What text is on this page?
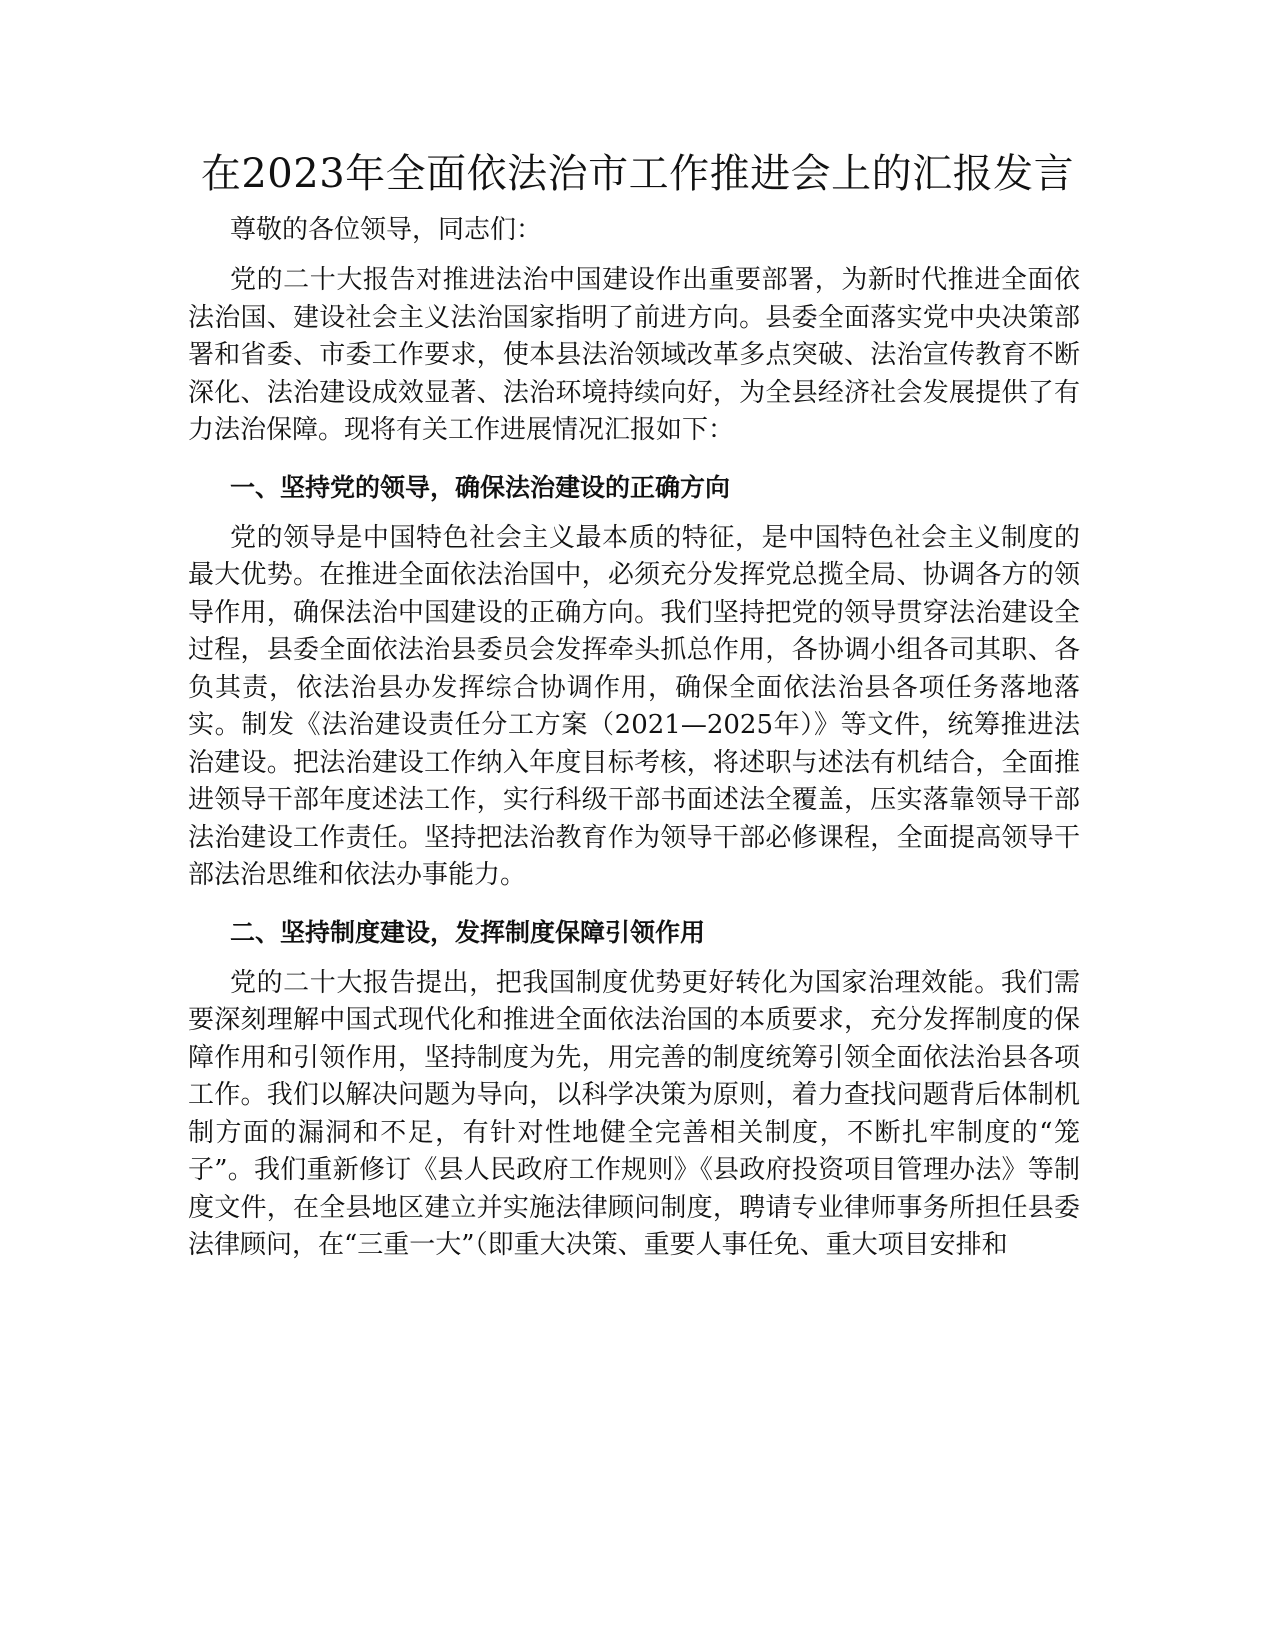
在2023年全面依法治市工作推进会上的汇报发言

尊敬的各位领导，同志们：

党的二十大报告对推进法治中国建设作出重要部署，为新时代推进全面依法治国、建设社会主义法治国家指明了前进方向。县委全面落实党中央决策部署和省委、市委工作要求，使本县法治领域改革多点突破、法治宣传教育不断深化、法治建设成效显著、法治环境持续向好，为全县经济社会发展提供了有力法治保障。现将有关工作进展情况汇报如下：

一、坚持党的领导，确保法治建设的正确方向

党的领导是中国特色社会主义最本质的特征，是中国特色社会主义制度的最大优势。在推进全面依法治国中，必须充分发挥党总揽全局、协调各方的领导作用，确保法治中国建设的正确方向。我们坚持把党的领导贯穿法治建设全过程，县委全面依法治县委员会发挥牵头抓总作用，各协调小组各司其职、各负其责，依法治县办发挥综合协调作用，确保全面依法治县各项任务落地落实。制发《法治建设责任分工方案（2021—2025年）》等文件，统筹推进法治建设。把法治建设工作纳入年度目标考核，将述职与述法有机结合，全面推进领导干部年度述法工作，实行科级干部书面述法全覆盖，压实落靠领导干部法治建设工作责任。坚持把法治教育作为领导干部必修课程，全面提高领导干部法治思维和依法办事能力。

二、坚持制度建设，发挥制度保障引领作用

党的二十大报告提出，把我国制度优势更好转化为国家治理效能。我们需要深刻理解中国式现代化和推进全面依法治国的本质要求，充分发挥制度的保障作用和引领作用，坚持制度为先，用完善的制度统筹引领全面依法治县各项工作。我们以解决问题为导向，以科学决策为原则，着力查找问题背后体制机制方面的漏洞和不足，有针对性地健全完善相关制度，不断扎牢制度的“笼子”。我们重新修订《县人民政府工作规则》《县政府投资项目管理办法》等制度文件，在全县地区建立并实施法律顾问制度，聘请专业律师事务所担任县委法律顾问，在“三重一大”（即重大决策、重要人事任免、重大项目安排和
